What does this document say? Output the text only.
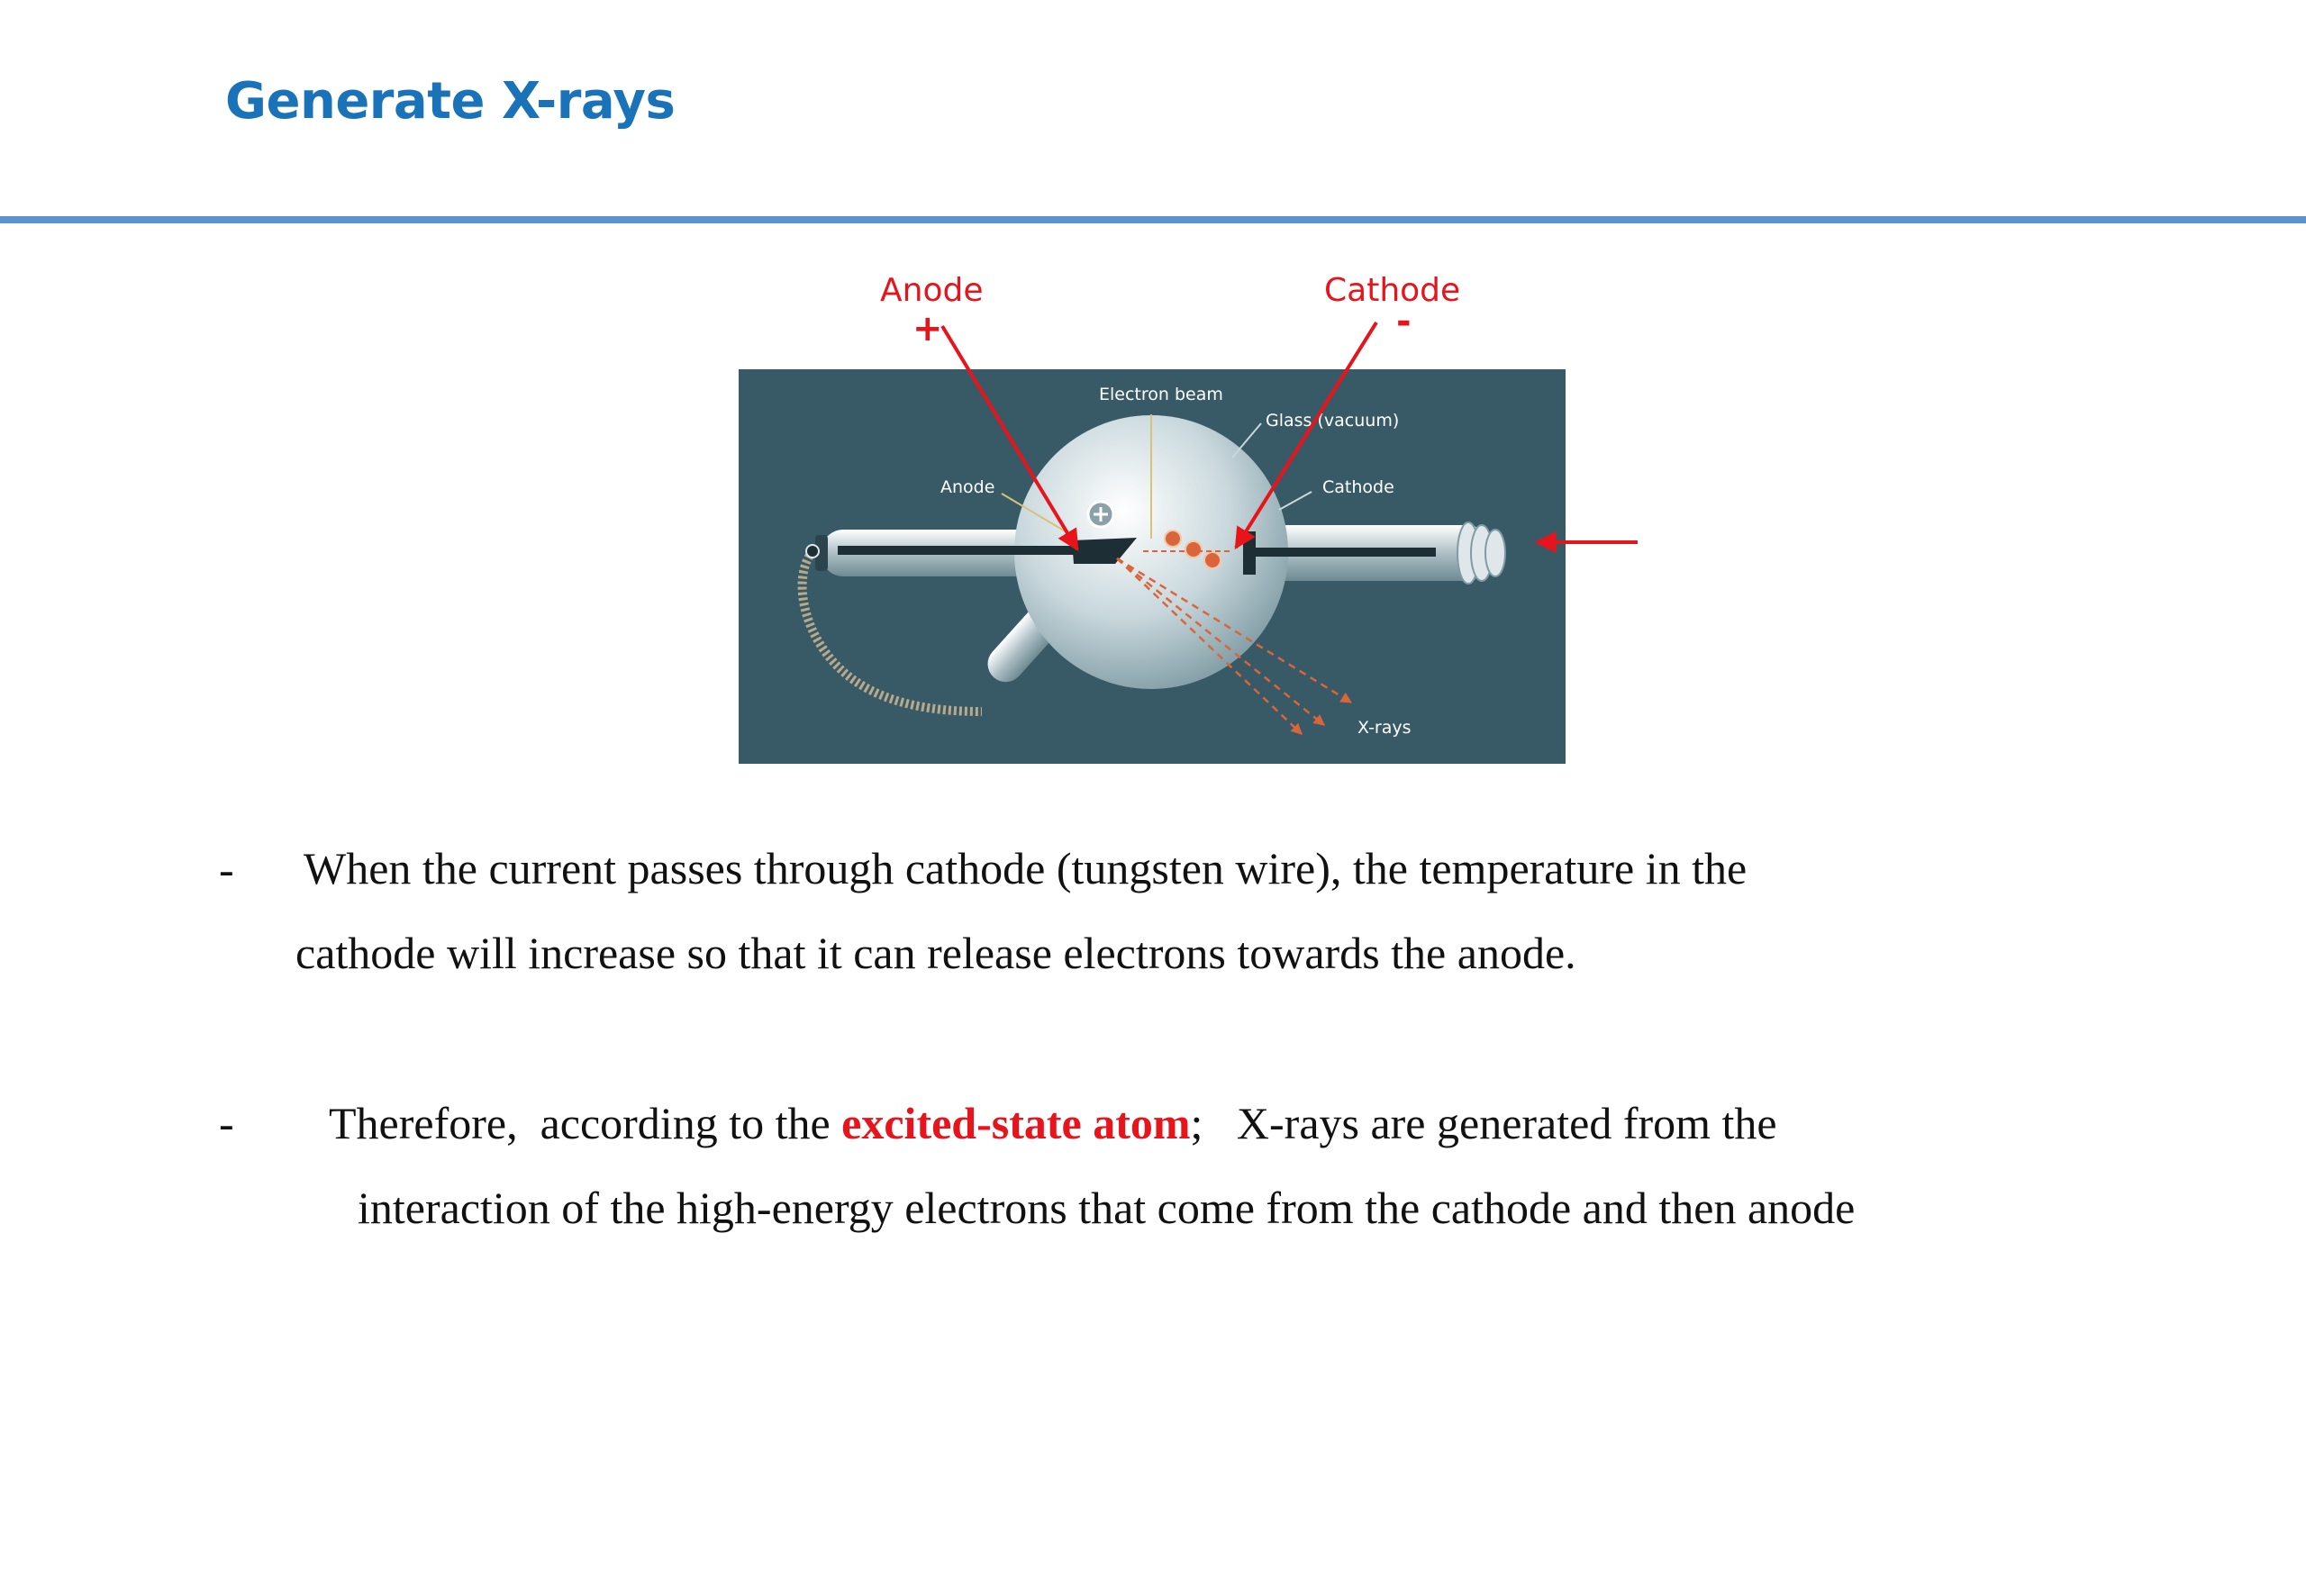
Generate X-rays
Electron beam
Glass (vacuum)
Anode	Cathode
X-rays
Anode
+
Cathode
-
- When the current passes through cathode (tungsten wire), the temperature in the
cathode will increase so that it can release electrons towards the anode.
- Therefore,  according to the excited-state atom;   X-rays are generated from the
interaction of the high-energy electrons that come from the cathode and then anode
